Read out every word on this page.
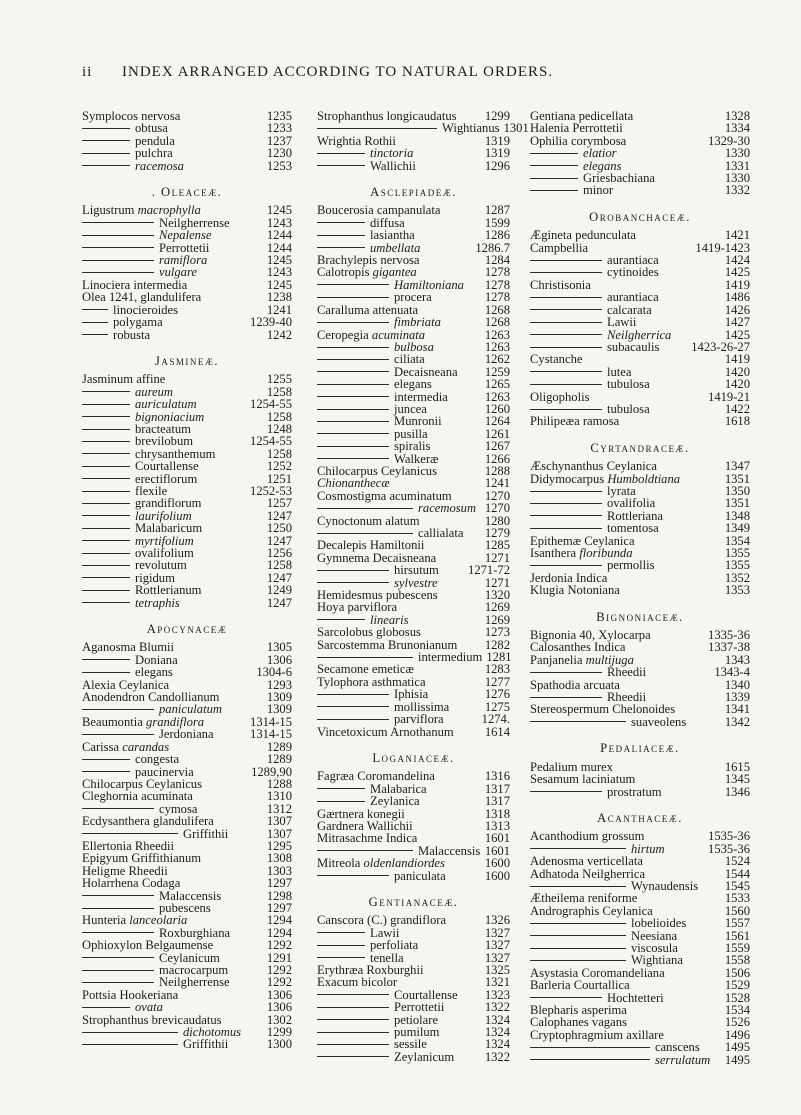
ii INDEX ARRANGED ACCORDING TO NATURAL ORDERS.
Symplocos nervosa	1235
obtusa	1233
pendula	1237
pulchra	1230
racemosa	1253
. Oleaceæ.
Ligustrum macrophylla	1245
Neilgherrense	1243
Nepalense	1244
Perrottetii	1244
ramiflora	1245
vulgare	1243
Linociera intermedia	1245
Olea 1241, glandulifera	1238
linocieroides	1241
polygama	1239-40
robusta	1242
Jasmineæ.
Jasminum affine	1255
aureum	1258
auriculatum	1254-55
bignoniacium	1258
bracteatum	1248
brevilobum	1254-55
chrysanthemum	1258
Courtallense	1252
erectiflorum	1251
flexile	1252-53
grandiflorum	1257
laurifolium	1247
Malabaricum	1250
myrtifolium	1247
ovalifolium	1256
revolutum	1258
rigidum	1247
Rottlerianum	1249
tetraphis	1247
Apocynaceæ
Aganosma Blumii	1305
Doniana	1306
elegans	1304-6
Alexia Ceylanica	1293
Anodendron Candollianum	1309
paniculatum	1309
Beaumontia grandiflora	1314-15
Jerdoniana	1314-15
Carissa carandas	1289
congesta	1289
paucinervia	1289,90
Chilocarpus Ceylanicus	1288
Cleghornia acuminata	1310
cymosa	1312
Ecdysanthera glandulifera	1307
Griffithii	1307
Ellertonia Rheedii	1295
Epigyum Griffithianum	1308
Heligme Rheedii	1303
Holarrhena Codaga	1297
Malaccensis	1298
pubescens	1297
Hunteria lanceolaria	1294
Roxburghiana	1294
Ophioxylon Belgaumense	1292
Ceylanicum	1291
macrocarpum	1292
Neilgherrense	1292
Pottsia Hookeriana	1306
ovata	1306
Strophanthus brevicaudatus	1302
dichotomus	1299
Griffithii	1300
Strophanthus longicaudatus	1299
Wightianus 1301
Wrightia Rothii	1319
tinctoria	1319
Wallichii	1296
Asclepiadeæ.
Boucerosia campanulata	1287
diffusa	1599
lasiantha	1286
umbellata	1286.7
Brachylepis nervosa	1284
Calotropis gigantea	1278
Hamiltoniana	1278
procera	1278
Caralluma attenuata	1268
fimbriata	1268
Ceropegia acuminata	1263
bulbosa	1263
ciliata	1262
Decaisneana	1259
elegans	1265
intermedia	1263
juncea	1260
Munronii	1264
pusilla	1261
spiralis	1267
Walkeræ	1266
Chilocarpus Ceylanicus	1288
Chionanthecæ	1241
Cosmostigma acuminatum	1270
racemosum 1270
Cynoctonum alatum	1280
callialata	1279
Decalepis Hamiltonii	1285
Gymnema Decaisneana	1271
hirsutum	1271-72
sylvestre	1271
Hemidesmus pubescens	1320
Hoya parviflora	1269
linearis	1269
Sarcolobus globosus	1273
Sarcostemma Brunonianum	1282
intermedium 1281
Secamone emeticæ	1283
Tylophora asthmatica	1277
Iphisia	1276
mollissima	1275
parviflora	1274.
Vincetoxicum Arnothanum	1614
Loganiaceæ.
Fagræa Coromandelina	1316
Malabarica	1317
Zeylanica	1317
Gærtnera konegii	1318
Gardnera Wallichii	1313
Mitrasachme Indica	1601
Malaccensis 1601
Mitreola oldenlandiordes	1600
paniculata	1600
Gentianaceæ.
Canscora (C.) grandiflora	1326
Lawii	1327
perfoliata	1327
tenella	1327
Erythræa Roxburghii	1325
Exacum bicolor	1321
Courtallense	1323
Perrottetii	1322
petiolare	1324
pumilum	1324
sessile	1324
Zeylanicum	1322
Gentiana pedicellata	1328
Halenia Perrottetii	1334
Ophilia corymbosa	1329-30
elatior	1330
elegans	1331
Griesbachiana	1330
minor	1332
Orobanchaceæ.
Ægineta pedunculata	1421
Campbellia	1419-1423
aurantiaca	1424
cytinoides	1425
Christisonia	1419
aurantiaca	1486
calcarata	1426
Lawii	1427
Neilgherrica	1425
subacaulis	1423-26-27
Cystanche	1419
lutea	1420
tubulosa	1420
Oligopholis	1419-21
tubulosa	1422
Philipeæa ramosa	1618
Cyrtandraceæ.
Æschynanthus Ceylanica	1347
Didymocarpus Humboldtiana	1351
lyrata	1350
ovalifolia	1351
Rottleriana	1348
tomentosa	1349
Epithemæ Ceylanica	1354
Isanthera floribunda	1355
permollis	1355
Jerdonia Indica	1352
Klugia Notoniana	1353
Bignoniaceæ.
Bignonia 40, Xylocarpa	1335-36
Calosanthes Indica	1337-38
Panjanelia multijuga	1343
Rheedii	1343-4
Spathodia arcuata	1340
Rheedii	1339
Stereospermum Chelonoides	1341
suaveolens	1342
Pedaliaceæ.
Pedalium murex	1615
Sesamum laciniatum	1345
prostratum	1346
Acanthaceæ.
Acanthodium grossum	1535-36
hirtum	1535-36
Adenosma verticellata	1524
Adhatoda Neilgherrica	1544
Wynaudensis	1545
Ætheilema reniforme	1533
Andrographis Ceylanica	1560
lobelioides	1557
Neesiana	1561
viscosula	1559
Wightiana	1558
Asystasia Coromandeliana	1506
Barleria Courtallica	1529
Hochtetteri	1528
Blepharis asperima	1534
Calophanes vagans	1526
Cryptophragmium axillare	1496
canscens	1495
serrulatum	1495
